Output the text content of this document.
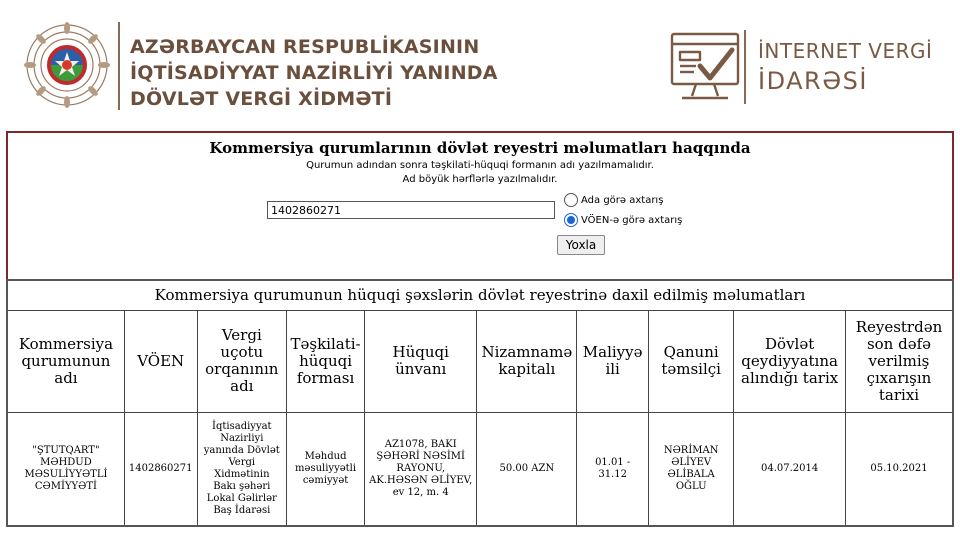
AZƏRBAYCAN RESPUBLİKASININ
İQTİSADİYYAT NAZİRLİYİ YANINDA
DÖVLƏT VERGİ XİDMƏTİ
İNTERNET VERGİ
İDARƏSİ
Kommersiya qurumlarının dövlət reyestri məlumatları haqqında
Qurumun adından sonra təşkilati-hüquqi formanın adı yazılmamalıdır.
Ad böyük hərflərlə yazılmalıdır.
1402860271
Ada görə axtarış
VÖEN-ə görə axtarış
Yoxla
Kommersiya qurumunun hüquqi şəxslərin dövlət reyestrinə daxil edilmiş məlumatları									
Kommersiya qurumunun adı	VÖEN	Vergi uçotu orqanının adı	Təşkilati-hüquqi forması	Hüquqi ünvanı	Nizamnamə kapitalı	Maliyyə ili	Qanuni təmsilçi	Dövlət qeydiyyatına alındığı tarix	Reyestrdən son dəfə verilmiş çıxarışın tarixi
"ŞTUTQART" MƏHDUD MƏSULİYYƏTLİ CƏMİYYƏTİ	1402860271	İqtisadiyyat Nazirliyi yanında Dövlət Vergi Xidmətinin Bakı şəhəri Lokal Gəlirlər Baş İdarəsi	Məhdud məsuliyyətli cəmiyyət	AZ1078, BAKI ŞƏHƏRİ NƏSİMİ RAYONU, AK.HƏSƏN ƏLİYEV, ev 12, m. 4	50.00 AZN	01.01 - 31.12	NƏRİMAN ƏLİYEV ƏLİBALA OĞLU	04.07.2014	05.10.2021
